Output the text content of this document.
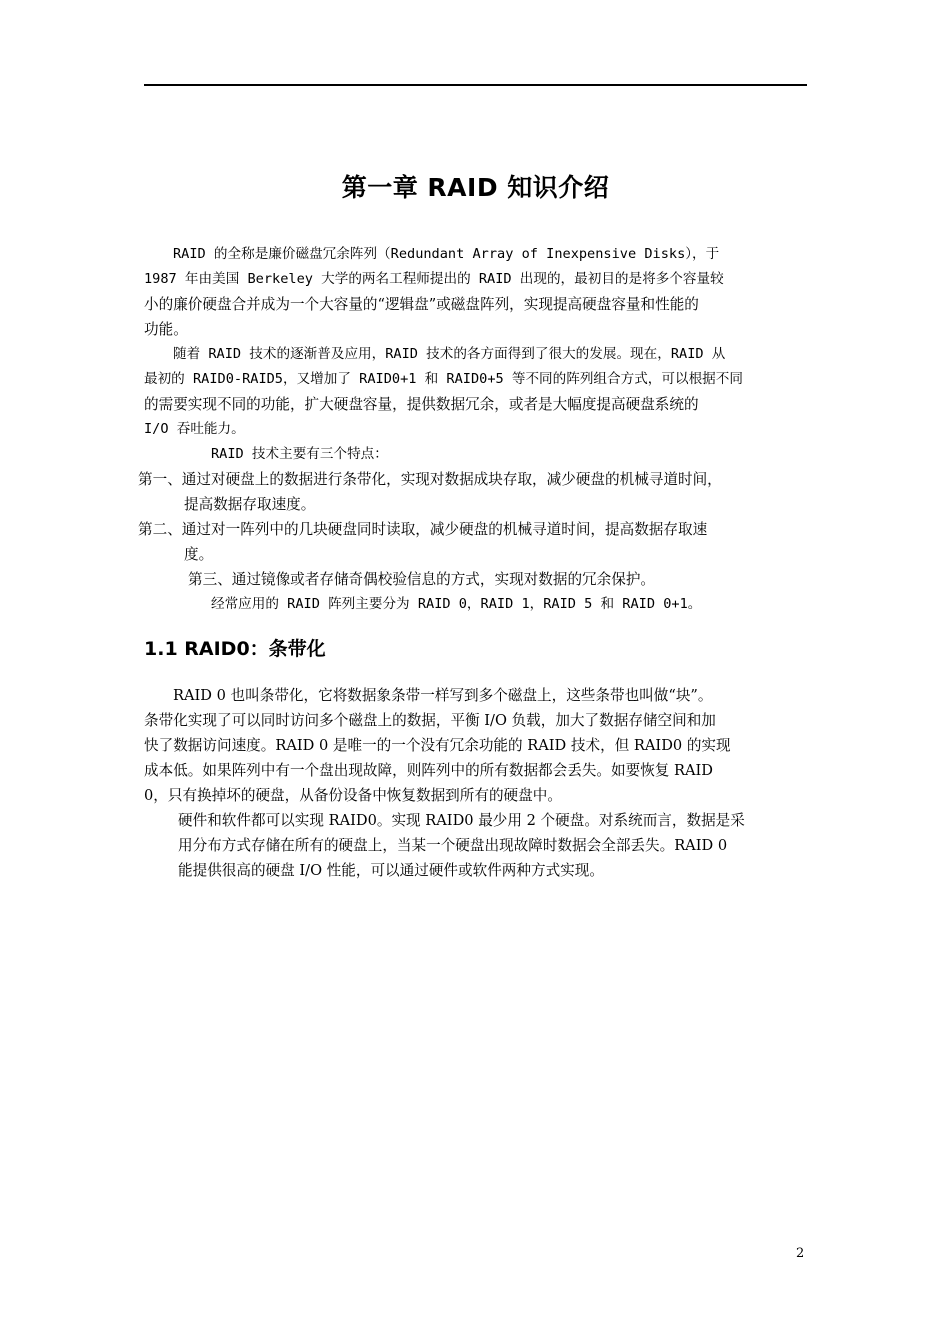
第一章 RAID 知识介绍

RAID 的全称是廉价磁盘冗余阵列（Redundant Array of Inexpensive Disks），于

1987 年由美国 Berkeley 大学的两名工程师提出的 RAID 出现的，最初目的是将多个容量较

小的廉价硬盘合并成为一个大容量的“逻辑盘”或磁盘阵列，实现提高硬盘容量和性能的

功能。

随着 RAID 技术的逐渐普及应用，RAID 技术的各方面得到了很大的发展。现在，RAID 从

最初的 RAID0-RAID5，又增加了 RAID0+1 和 RAID0+5 等不同的阵列组合方式，可以根据不同

的需要实现不同的功能，扩大硬盘容量，提供数据冗余，或者是大幅度提高硬盘系统的

I/O 吞吐能力。

RAID 技术主要有三个特点：

第一、通过对硬盘上的数据进行条带化，实现对数据成块存取，减少硬盘的机械寻道时间，

提高数据存取速度。

第二、通过对一阵列中的几块硬盘同时读取，减少硬盘的机械寻道时间，提高数据存取速

度。

第三、通过镜像或者存储奇偶校验信息的方式，实现对数据的冗余保护。

经常应用的 RAID 阵列主要分为 RAID 0，RAID 1，RAID 5 和 RAID 0+1。

1.1 RAID0：条带化

RAID 0 也叫条带化，它将数据象条带一样写到多个磁盘上，这些条带也叫做“块”。

条带化实现了可以同时访问多个磁盘上的数据，平衡 I/O 负载，加大了数据存储空间和加

快了数据访问速度。RAID 0 是唯一的一个没有冗余功能的 RAID 技术，但 RAID0 的实现

成本低。如果阵列中有一个盘出现故障，则阵列中的所有数据都会丢失。如要恢复 RAID

0，只有换掉坏的硬盘，从备份设备中恢复数据到所有的硬盘中。

硬件和软件都可以实现 RAID0。实现 RAID0 最少用 2 个硬盘。对系统而言，数据是采

用分布方式存储在所有的硬盘上，当某一个硬盘出现故障时数据会全部丢失。RAID 0

能提供很高的硬盘 I/O 性能，可以通过硬件或软件两种方式实现。

2
